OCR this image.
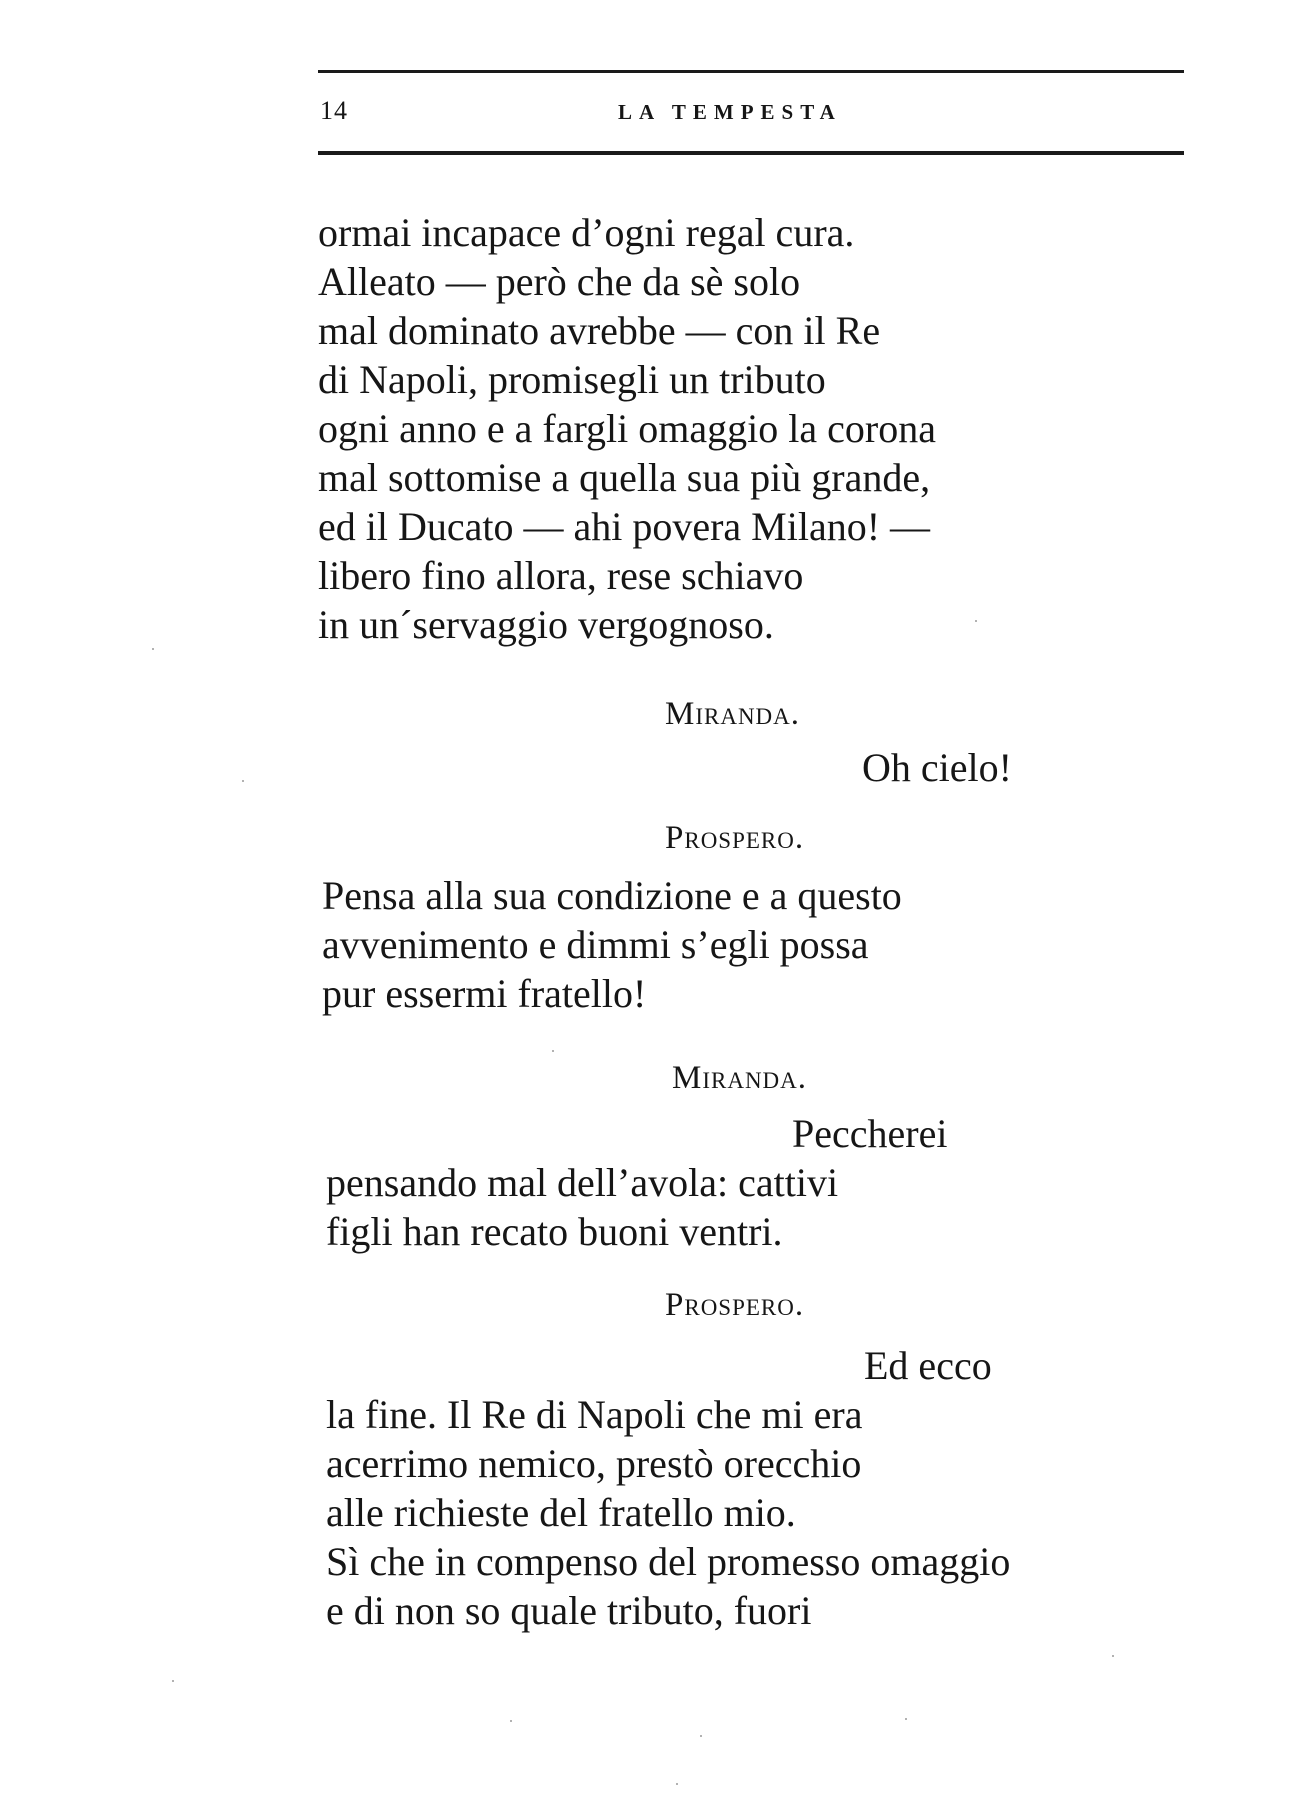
14	LA TEMPESTA
ormai incapace d’ogni regal cura.
Alleato — però che da sè solo
mal dominato avrebbe — con il Re
di Napoli, promisegli un tributo
ogni anno e a fargli omaggio la corona
mal sottomise a quella sua più grande,
ed il Ducato — ahi povera Milano! —
libero fino allora, rese schiavo
in un´servaggio vergognoso.
Miranda.
Oh cielo!
Prospero.
Pensa alla sua condizione e a questo
avvenimento e dimmi s’egli possa
pur essermi fratello!
Miranda.
Peccherei
pensando mal dell’avola: cattivi
figli han recato buoni ventri.
Prospero.
Ed ecco
la fine. Il Re di Napoli che mi era
acerrimo nemico, prestò orecchio
alle richieste del fratello mio.
Sì che in compenso del promesso omaggio
e di non so quale tributo, fuori
